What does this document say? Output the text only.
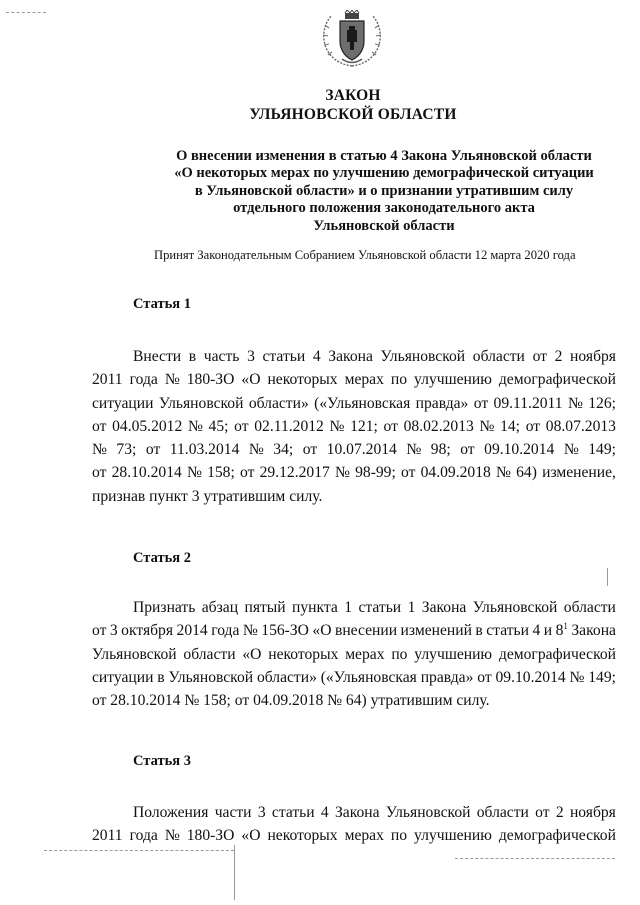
ЗАКОН
УЛЬЯНОВСКОЙ ОБЛАСТИ
О внесении изменения в статью 4 Закона Ульяновской области
«О некоторых мерах по улучшению демографической ситуации
в Ульяновской области» и о признании утратившим силу
отдельного положения законодательного акта
Ульяновской области
Принят Законодательным Собранием Ульяновской области 12 марта 2020 года
Статья 1
Внести в часть 3 статьи 4 Закона Ульяновской области от 2 ноября
2011 года № 180-ЗО «О некоторых мерах по улучшению демографической
ситуации Ульяновской области» («Ульяновская правда» от 09.11.2011 № 126;
от 04.05.2012 № 45; от 02.11.2012 № 121; от 08.02.2013 № 14; от 08.07.2013
№ 73; от 11.03.2014 № 34; от 10.07.2014 № 98; от 09.10.2014 № 149;
от 28.10.2014 № 158; от 29.12.2017 № 98-99; от 04.09.2018 № 64) изменение,
признав пункт 3 утратившим силу.
Статья 2
Признать абзац пятый пункта 1 статьи 1 Закона Ульяновской области
от 3 октября 2014 года № 156-ЗО «О внесении изменений в статьи 4 и $8^1$ Закона
Ульяновской области «О некоторых мерах по улучшению демографической
ситуации в Ульяновской области» («Ульяновская правда» от 09.10.2014 № 149;
от 28.10.2014 № 158; от 04.09.2018 № 64) утратившим силу.
Статья 3
Положения части 3 статьи 4 Закона Ульяновской области от 2 ноября
2011 года № 180-ЗО «О некоторых мерах по улучшению демографической
